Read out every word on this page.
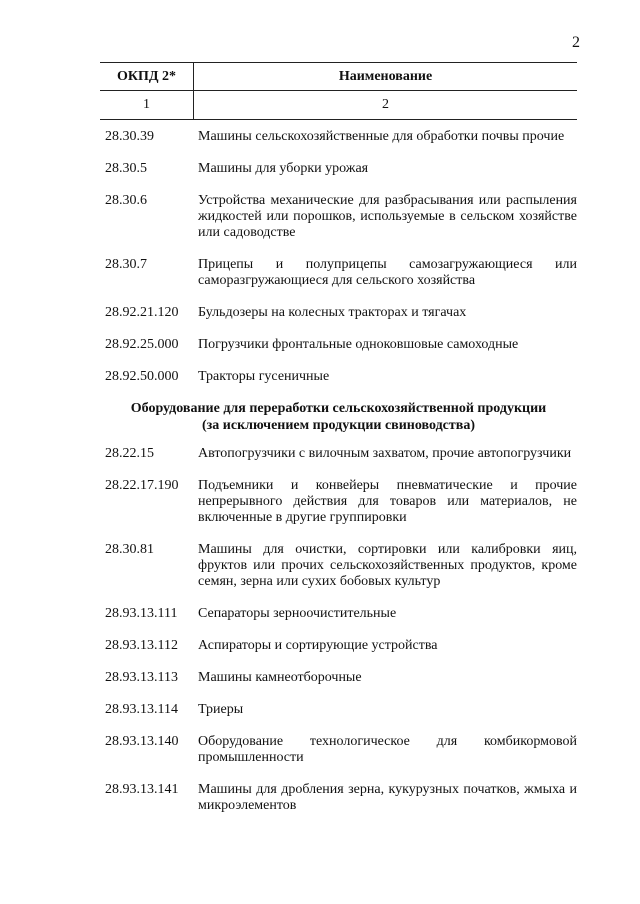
2
ОКПД 2*	Наименование
1	2
28.30.39	Машины сельскохозяйственные для обработки почвы прочие
28.30.5	Машины для уборки урожая
28.30.6	Устройства механические для разбрасывания или распыления жидкостей или порошков, используемые в сельском хозяйстве или садоводстве
28.30.7	Прицепы и полуприцепы самозагружающиеся или саморазгружающиеся для сельского хозяйства
28.92.21.120	Бульдозеры на колесных тракторах и тягачах
28.92.25.000	Погрузчики фронтальные одноковшовые самоходные
28.92.50.000	Тракторы гусеничные
Оборудование для переработки сельскохозяйственной продукции
(за исключением продукции свиноводства)
28.22.15	Автопогрузчики с вилочным захватом, прочие автопогрузчики
28.22.17.190	Подъемники и конвейеры пневматические и прочие непрерывного действия для товаров или материалов, не включенные в другие группировки
28.30.81	Машины для очистки, сортировки или калибровки яиц, фруктов или прочих сельскохозяйственных продуктов, кроме семян, зерна или сухих бобовых культур
28.93.13.111	Сепараторы зерноочистительные
28.93.13.112	Аспираторы и сортирующие устройства
28.93.13.113	Машины камнеотборочные
28.93.13.114	Триеры
28.93.13.140	Оборудование технологическое для комбикормовой промышленности
28.93.13.141	Машины для дробления зерна, кукурузных початков, жмыха и микроэлементов
